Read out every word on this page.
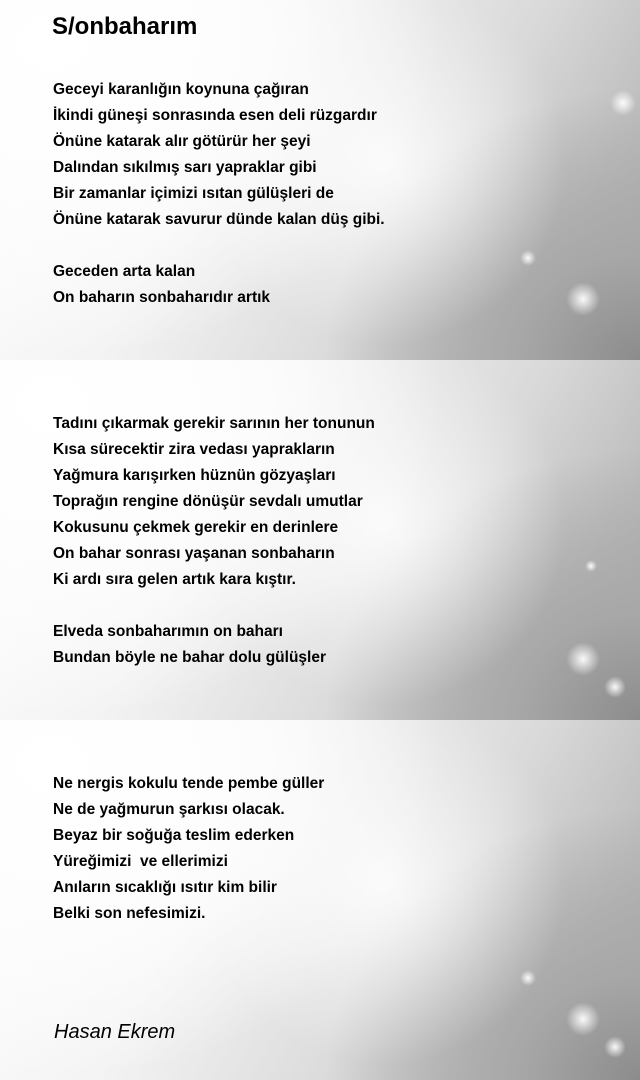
S/onbaharım
Geceyi karanlığın koynuna çağıran
İkindi güneşi sonrasında esen deli rüzgardır
Önüne katarak alır götürür her şeyi
Dalından sıkılmış sarı yapraklar gibi
Bir zamanlar içimizi ısıtan gülüşleri de
Önüne katarak savurur dünde kalan düş gibi.
Geceden arta kalan
On baharın sonbaharıdır artık
Tadını çıkarmak gerekir sarının her tonunun
Kısa sürecektir zira vedası yaprakların
Yağmura karışırken hüznün gözyaşları
Toprağın rengine dönüşür sevdalı umutlar
Kokusunu çekmek gerekir en derinlere
On bahar sonrası yaşanan sonbaharın
Ki ardı sıra gelen artık kara kıştır.
Elveda sonbaharımın on baharı
Bundan böyle ne bahar dolu gülüşler
Ne nergis kokulu tende pembe güller
Ne de yağmurun şarkısı olacak.
Beyaz bir soğuğa teslim ederken
Yüreğimizi  ve ellerimizi
Anıların sıcaklığı ısıtır kim bilir
Belki son nefesimizi.
Hasan Ekrem
